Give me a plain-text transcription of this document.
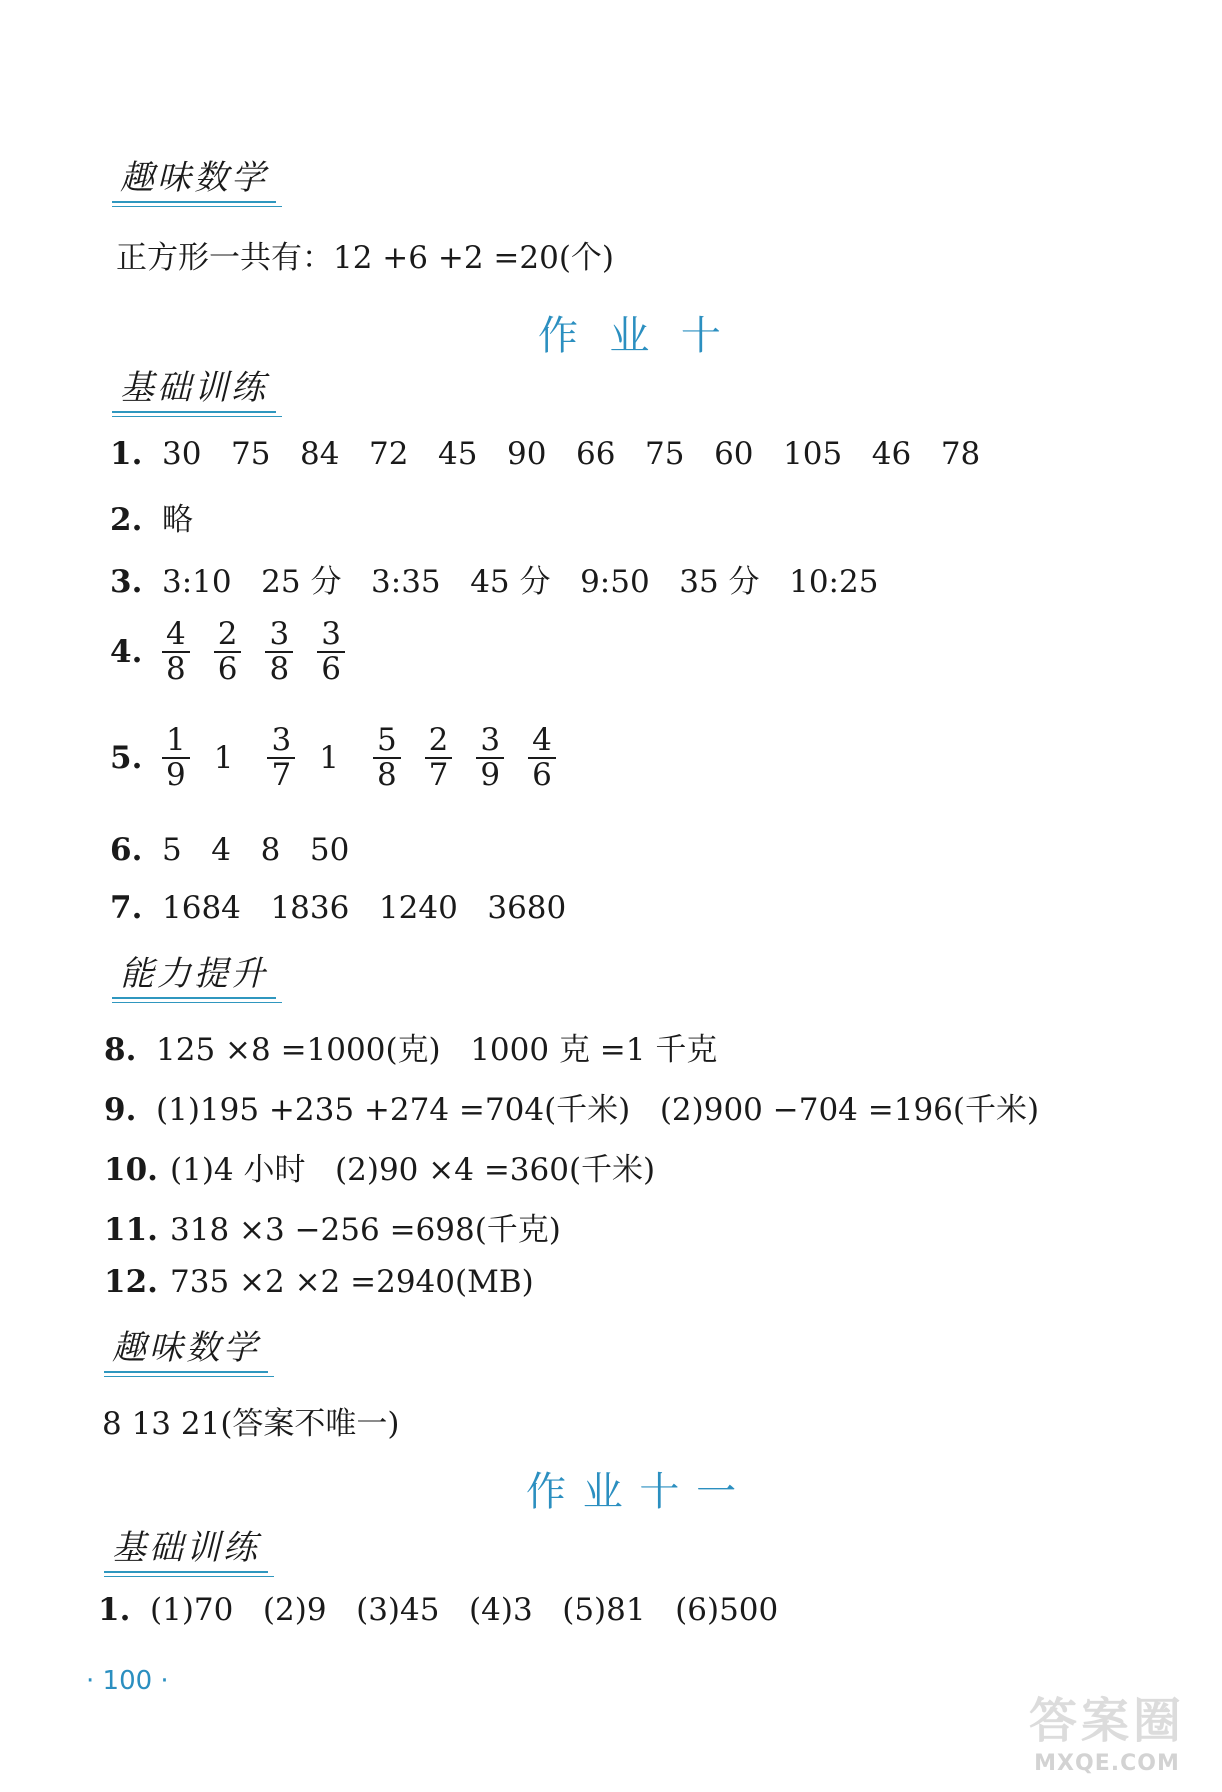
趣味数学
正方形一共有：12 +6 +2 =20(个)
作  业  十
基础训练
1. 30   75   84   72   45   90   66   75   60   105   46   78
2. 略
3. 3:10   25 分   3:35   45 分   9:50   35 分   10:25
4. $\frac{4}{8} \frac{2}{6} \frac{3}{8} \frac{3}{6}$
5. $\frac{1}{9} 1 \frac{3}{7} 1 \frac{5}{8} \frac{2}{7} \frac{3}{9} \frac{4}{6}$
6. 5   4   8   50
7. 1684   1836   1240   3680
能力提升
8. 125 ×8 =1000(克)   1000 克 =1 千克
9. (1)195 +235 +274 =704(千米)   (2)900 −704 =196(千米)
10. (1)4 小时   (2)90 ×4 =360(千米)
11. 318 ×3 −256 =698(千克)
12. 735 ×2 ×2 =2940(MB)
趣味数学
8 13 21(答案不唯一)
作 业 十 一
基础训练
1. (1)70   (2)9   (3)45   (4)3   (5)81   (6)500
· 100 ·
答案圈
MXQE.COM
